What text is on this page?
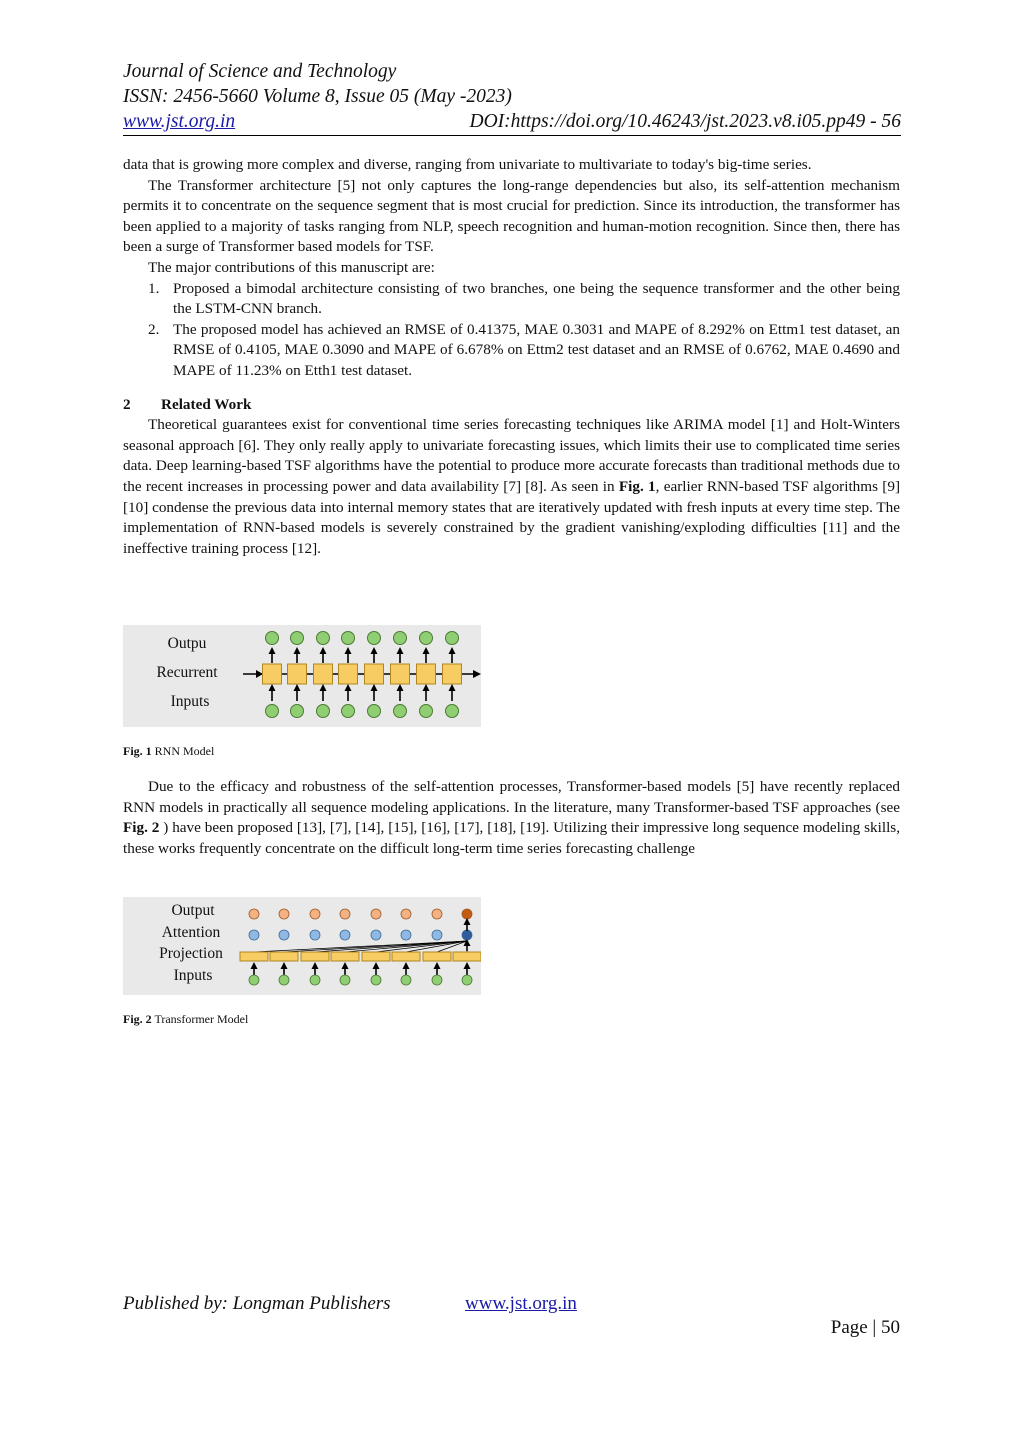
Journal of Science and Technology
ISSN: 2456-5660 Volume 8, Issue 05 (May -2023)
www.jst.org.in	DOI:https://doi.org/10.46243/jst.2023.v8.i05.pp49 - 56

data that is growing more complex and diverse, ranging from univariate to multivariate to today's big-time series.

The Transformer architecture [5] not only captures the long-range dependencies but also, its self-attention mechanism permits it to concentrate on the sequence segment that is most crucial for prediction. Since its introduction, the transformer has been applied to a majority of tasks ranging from NLP, speech recognition and human-motion recognition. Since then, there has been a surge of Transformer based models for TSF.

The major contributions of this manuscript are:

1. Proposed a bimodal architecture consisting of two branches, one being the sequence transformer and the other being the LSTM-CNN branch.

2. The proposed model has achieved an RMSE of 0.41375, MAE 0.3031 and MAPE of 8.292% on Ettm1 test dataset, an RMSE of 0.4105, MAE 0.3090 and MAPE of 6.678% on Ettm2 test dataset and an RMSE of 0.6762, MAE 0.4690 and MAPE of 11.23% on Etth1 test dataset.

2 Related Work

Theoretical guarantees exist for conventional time series forecasting techniques like ARIMA model [1] and Holt-Winters seasonal approach [6]. They only really apply to univariate forecasting issues, which limits their use to complicated time series data. Deep learning-based TSF algorithms have the potential to produce more accurate forecasts than traditional methods due to the recent increases in processing power and data availability [7] [8]. As seen in Fig. 1, earlier RNN-based TSF algorithms [9] [10] condense the previous data into internal memory states that are iteratively updated with fresh inputs at every time step. The implementation of RNN-based models is severely constrained by the gradient vanishing/exploding difficulties [11] and the ineffective training process [12].

Outpu
Recurrent
Inputs
Fig. 1 RNN Model

Due to the efficacy and robustness of the self-attention processes, Transformer-based models [5] have recently replaced RNN models in practically all sequence modeling applications. In the literature, many Transformer-based TSF approaches (see Fig. 2 ) have been proposed [13], [7], [14], [15], [16], [17], [18], [19]. Utilizing their impressive long sequence modeling skills, these works frequently concentrate on the difficult long-term time series forecasting challenge

Output
Attention
Projection
Inputs
Fig. 2 Transformer Model
Published by: Longman Publishers	www.jst.org.in
Page | 50
